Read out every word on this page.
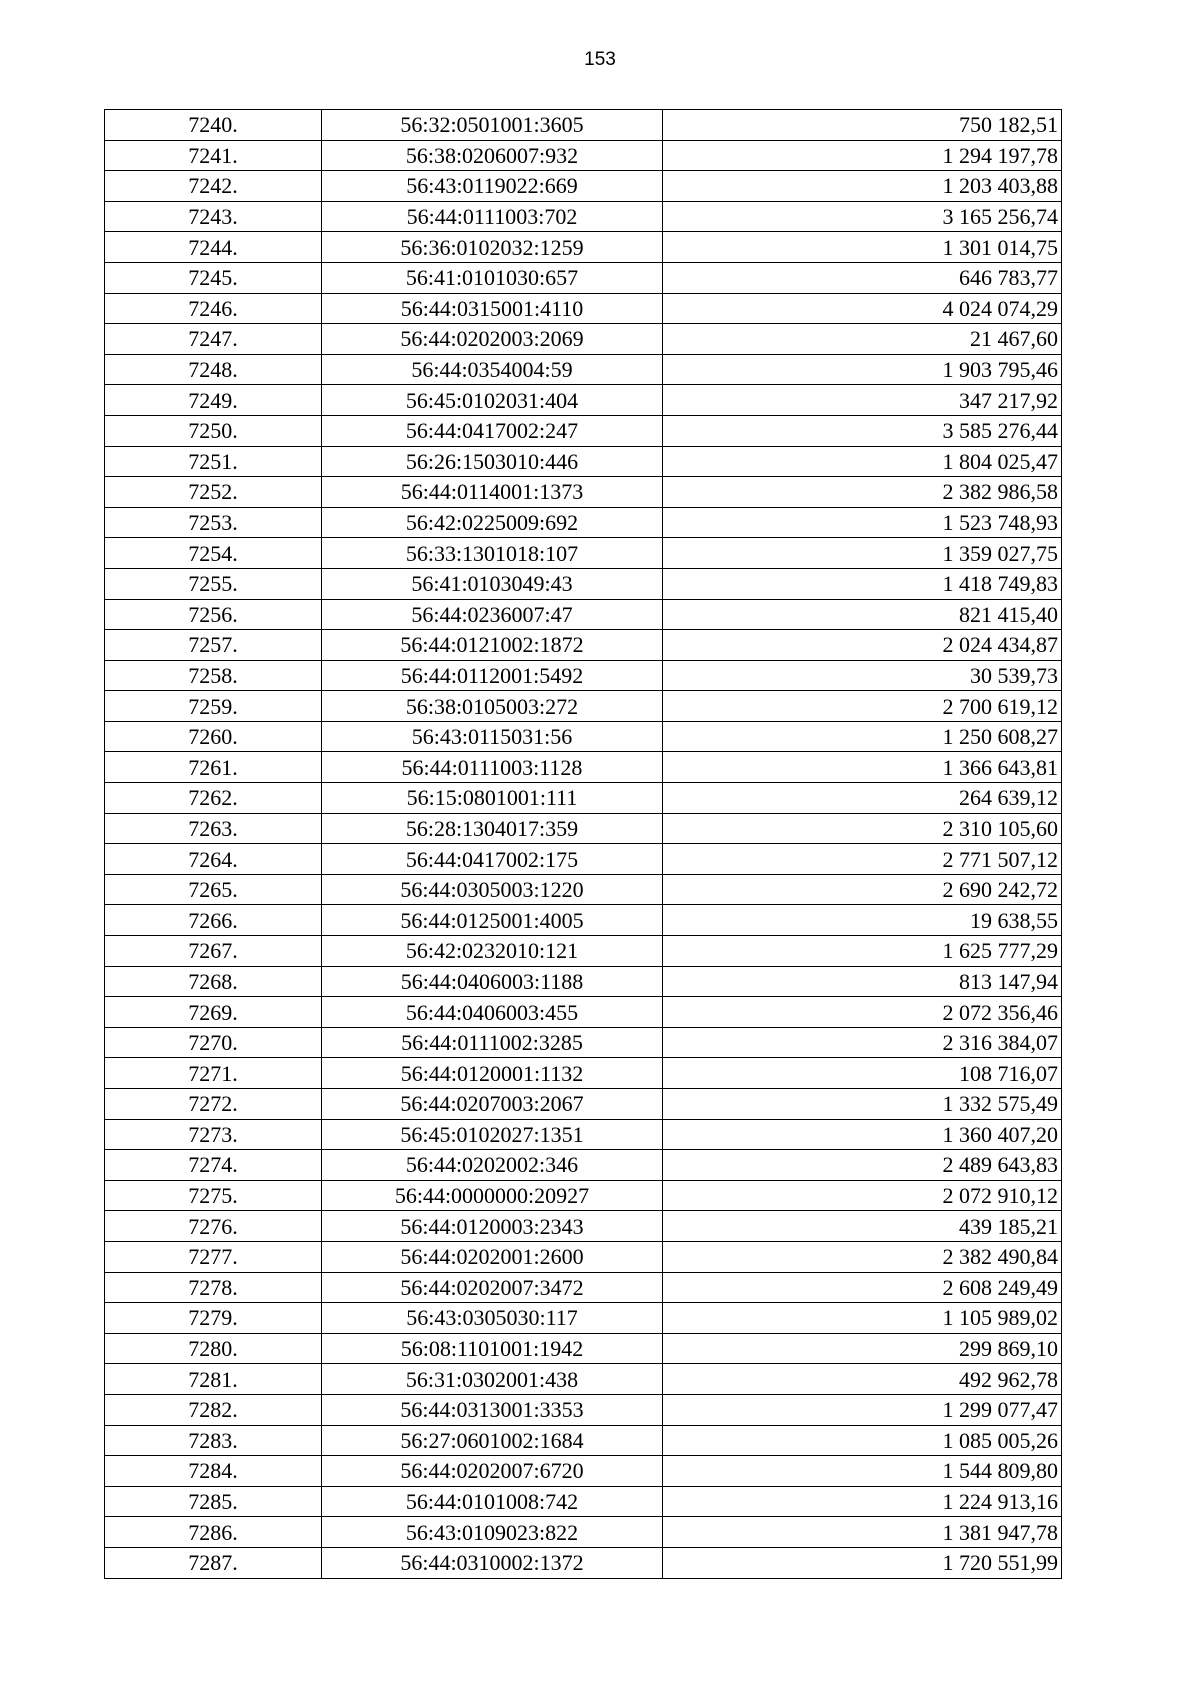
153
7240.	56:32:0501001:3605	750 182,51
7241.	56:38:0206007:932	1 294 197,78
7242.	56:43:0119022:669	1 203 403,88
7243.	56:44:0111003:702	3 165 256,74
7244.	56:36:0102032:1259	1 301 014,75
7245.	56:41:0101030:657	646 783,77
7246.	56:44:0315001:4110	4 024 074,29
7247.	56:44:0202003:2069	21 467,60
7248.	56:44:0354004:59	1 903 795,46
7249.	56:45:0102031:404	347 217,92
7250.	56:44:0417002:247	3 585 276,44
7251.	56:26:1503010:446	1 804 025,47
7252.	56:44:0114001:1373	2 382 986,58
7253.	56:42:0225009:692	1 523 748,93
7254.	56:33:1301018:107	1 359 027,75
7255.	56:41:0103049:43	1 418 749,83
7256.	56:44:0236007:47	821 415,40
7257.	56:44:0121002:1872	2 024 434,87
7258.	56:44:0112001:5492	30 539,73
7259.	56:38:0105003:272	2 700 619,12
7260.	56:43:0115031:56	1 250 608,27
7261.	56:44:0111003:1128	1 366 643,81
7262.	56:15:0801001:111	264 639,12
7263.	56:28:1304017:359	2 310 105,60
7264.	56:44:0417002:175	2 771 507,12
7265.	56:44:0305003:1220	2 690 242,72
7266.	56:44:0125001:4005	19 638,55
7267.	56:42:0232010:121	1 625 777,29
7268.	56:44:0406003:1188	813 147,94
7269.	56:44:0406003:455	2 072 356,46
7270.	56:44:0111002:3285	2 316 384,07
7271.	56:44:0120001:1132	108 716,07
7272.	56:44:0207003:2067	1 332 575,49
7273.	56:45:0102027:1351	1 360 407,20
7274.	56:44:0202002:346	2 489 643,83
7275.	56:44:0000000:20927	2 072 910,12
7276.	56:44:0120003:2343	439 185,21
7277.	56:44:0202001:2600	2 382 490,84
7278.	56:44:0202007:3472	2 608 249,49
7279.	56:43:0305030:117	1 105 989,02
7280.	56:08:1101001:1942	299 869,10
7281.	56:31:0302001:438	492 962,78
7282.	56:44:0313001:3353	1 299 077,47
7283.	56:27:0601002:1684	1 085 005,26
7284.	56:44:0202007:6720	1 544 809,80
7285.	56:44:0101008:742	1 224 913,16
7286.	56:43:0109023:822	1 381 947,78
7287.	56:44:0310002:1372	1 720 551,99
